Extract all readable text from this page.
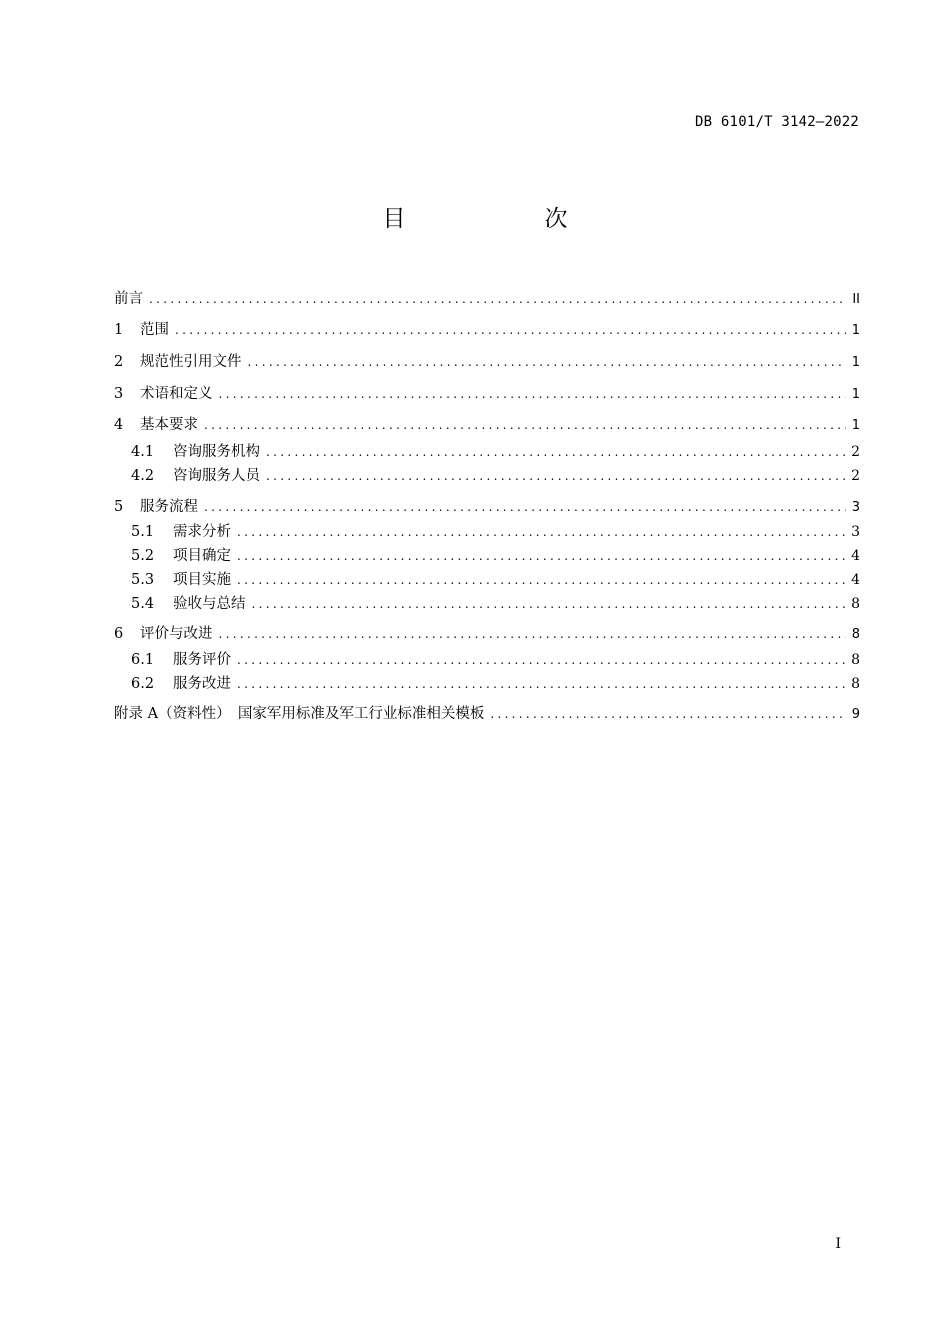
DB 6101/T 3142—2022
目　次
前言 .....	II
1	范围 .....	1
2	规范性引用文件 .....	1
3	术语和定义 .....	1
4	基本要求 .....	1
4.1	咨询服务机构 .....	2
4.2	咨询服务人员 .....	2
5	服务流程 .....	3
5.1	需求分析 .....	3
5.2	项目确定 .....	4
5.3	项目实施 .....	4
5.4	验收与总结 .....	8
6	评价与改进 .....	8
6.1	服务评价 .....	8
6.2	服务改进 .....	8
附录 A（资料性）　国家军用标准及军工行业标准相关模板 .....	9
I
